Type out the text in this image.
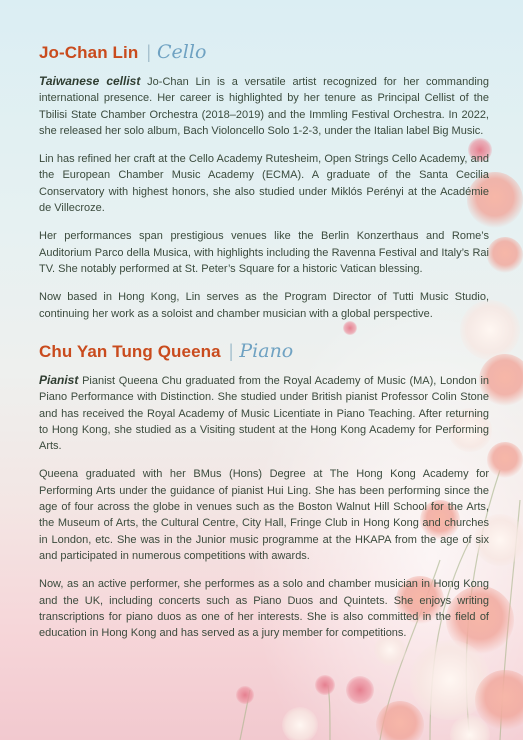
Jo-Chan Lin | Cello

Taiwanese cellist Jo-Chan Lin is a versatile artist recognized for her commanding international presence. Her career is highlighted by her tenure as Principal Cellist of the Tbilisi State Chamber Orchestra (2018–2019) and the Immling Festival Orchestra. In 2022, she released her solo album, Bach Violoncello Solo 1-2-3, under the Italian label Big Music.

Lin has refined her craft at the Cello Academy Rutesheim, Open Strings Cello Academy, and the European Chamber Music Academy (ECMA). A graduate of the Santa Cecilia Conservatory with highest honors, she also studied under Miklós Perényi at the Académie de Villecroze.

Her performances span prestigious venues like the Berlin Konzerthaus and Rome’s Auditorium Parco della Musica, with highlights including the Ravenna Festival and Italy’s Rai TV. She notably performed at St. Peter’s Square for a historic Vatican blessing.

Now based in Hong Kong, Lin serves as the Program Director of Tutti Music Studio, continuing her work as a soloist and chamber musician with a global perspective.

Chu Yan Tung Queena | Piano

Pianist Pianist Queena Chu graduated from the Royal Academy of Music (MA), London in Piano Performance with Distinction. She studied under British pianist Professor Colin Stone and has received the Royal Academy of Music Licentiate in Piano Teaching. After returning to Hong Kong, she studied as a Visiting student at the Hong Kong Academy for Performing Arts.

Queena graduated with her BMus (Hons) Degree at The Hong Kong Academy for Performing Arts under the guidance of pianist Hui Ling. She has been performing since the age of four across the globe in venues such as the Boston Walnut Hill School for the Arts, the Museum of Arts, the Cultural Centre, City Hall, Fringe Club in Hong Kong and churches in London, etc. She was in the Junior music programme at the HKAPA from the age of six and participated in numerous competitions with awards.

Now, as an active performer, she performes as a solo and chamber musician in Hong Kong and the UK, including concerts such as Piano Duos and Quintets. She enjoys writing transcriptions for piano duos as one of her interests. She is also committed in the field of education in Hong Kong and has served as a jury member for competitions.
